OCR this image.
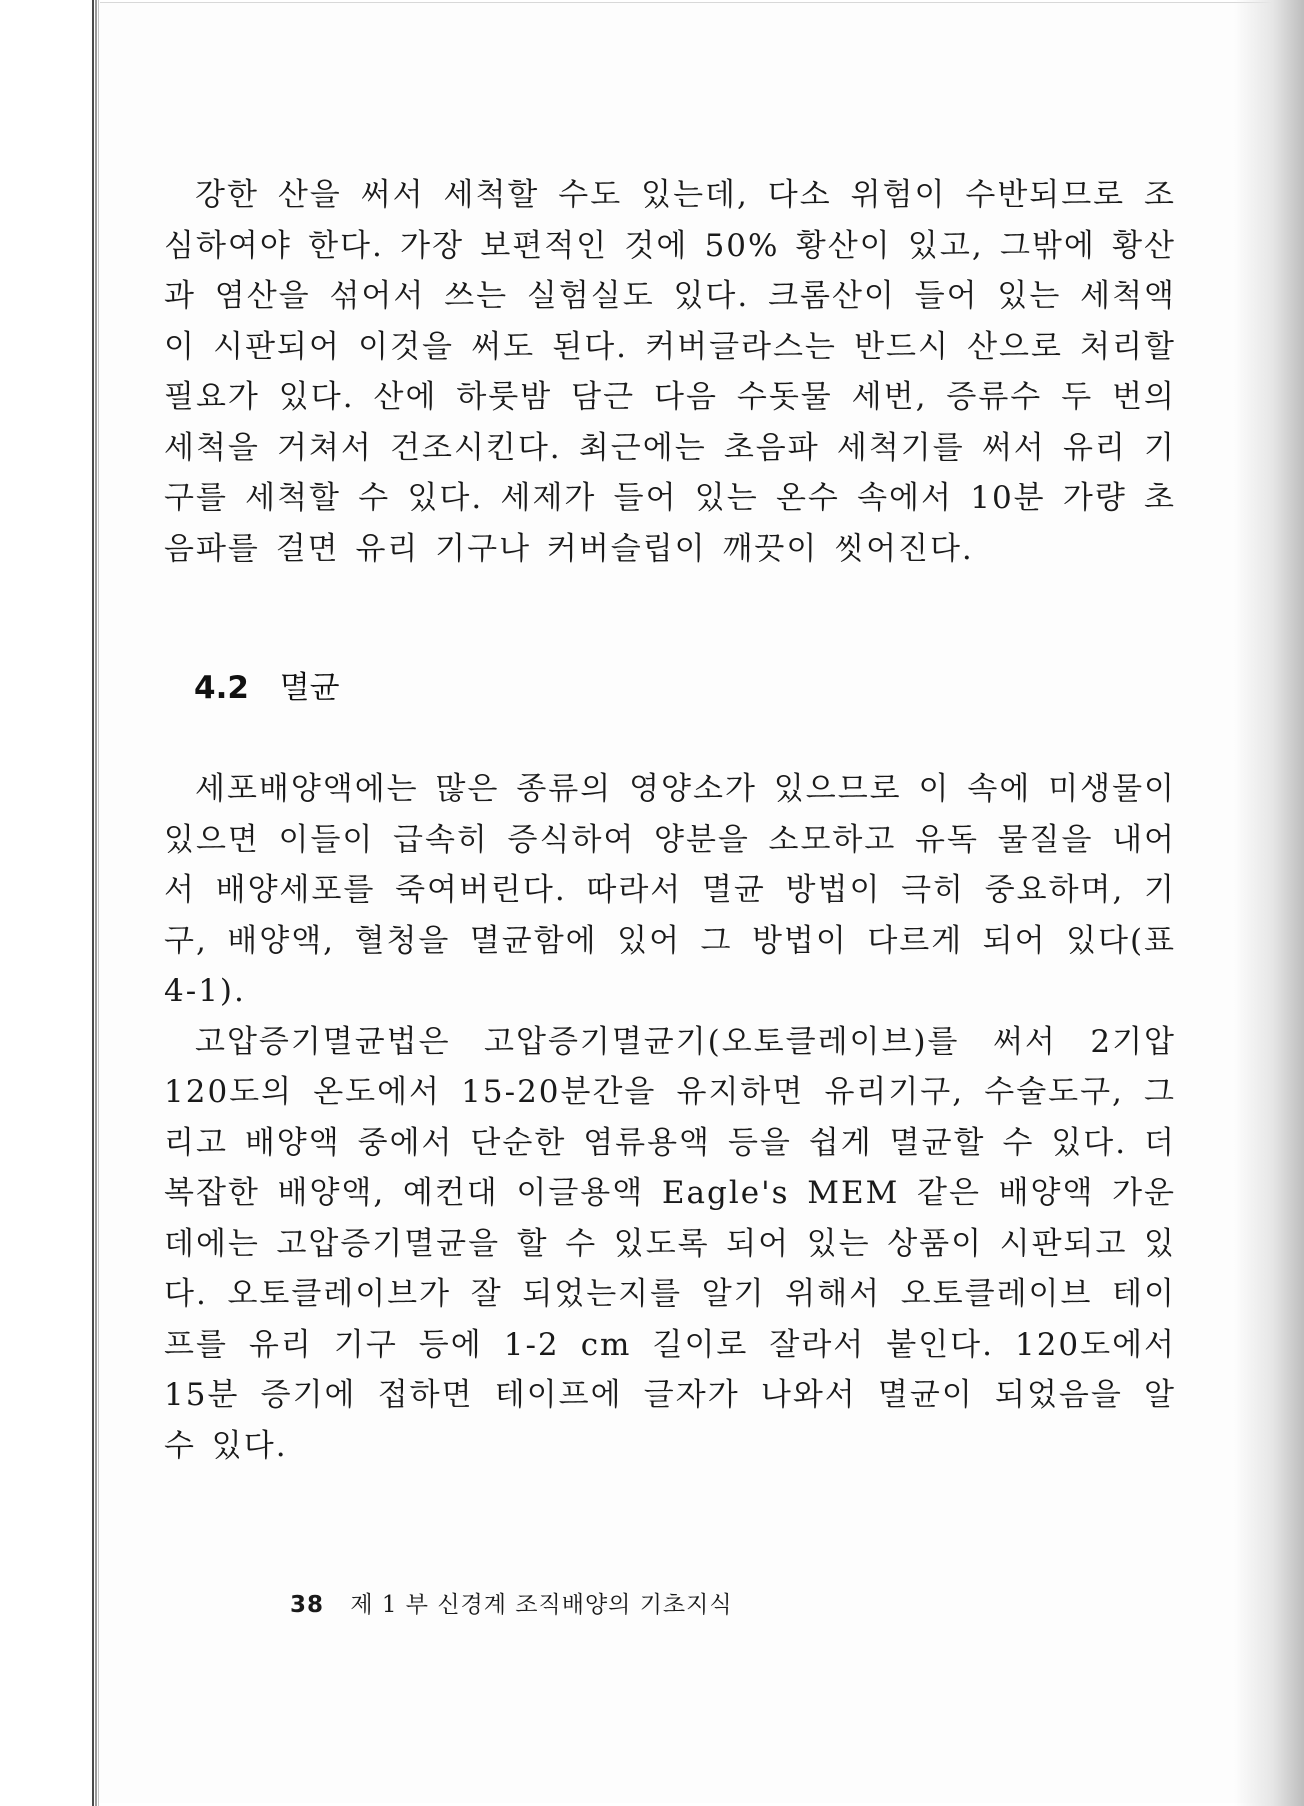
강한 산을 써서 세척할 수도 있는데, 다소 위험이 수반되므로 조심하여야 한다. 가장 보편적인 것에 50% 황산이 있고, 그밖에 황산과 염산을 섞어서 쓰는 실험실도 있다. 크롬산이 들어 있는 세척액이 시판되어 이것을 써도 된다. 커버글라스는 반드시 산으로 처리할 필요가 있다. 산에 하룻밤 담근 다음 수돗물 세번, 증류수 두 번의 세척을 거쳐서 건조시킨다. 최근에는 초음파 세척기를 써서 유리 기구를 세척할 수 있다. 세제가 들어 있는 온수 속에서 10분 가량 초음파를 걸면 유리 기구나 커버슬립이 깨끗이 씻어진다.

4.2 멸균

세포배양액에는 많은 종류의 영양소가 있으므로 이 속에 미생물이 있으면 이들이 급속히 증식하여 양분을 소모하고 유독 물질을 내어서 배양세포를 죽여버린다. 따라서 멸균 방법이 극히 중요하며, 기구, 배양액, 혈청을 멸균함에 있어 그 방법이 다르게 되어 있다(표 4-1).

고압증기멸균법은 고압증기멸균기(오토클레이브)를 써서 2기압 120도의 온도에서 15-20분간을 유지하면 유리기구, 수술도구, 그리고 배양액 중에서 단순한 염류용액 등을 쉽게 멸균할 수 있다. 더 복잡한 배양액, 예컨대 이글용액 Eagle's MEM 같은 배양액 가운데에는 고압증기멸균을 할 수 있도록 되어 있는 상품이 시판되고 있다. 오토클레이브가 잘 되었는지를 알기 위해서 오토클레이브 테이프를 유리 기구 등에 1-2 cm 길이로 잘라서 붙인다. 120도에서 15분 증기에 접하면 테이프에 글자가 나와서 멸균이 되었음을 알 수 있다.

38 제 1 부 신경계 조직배양의 기초지식
